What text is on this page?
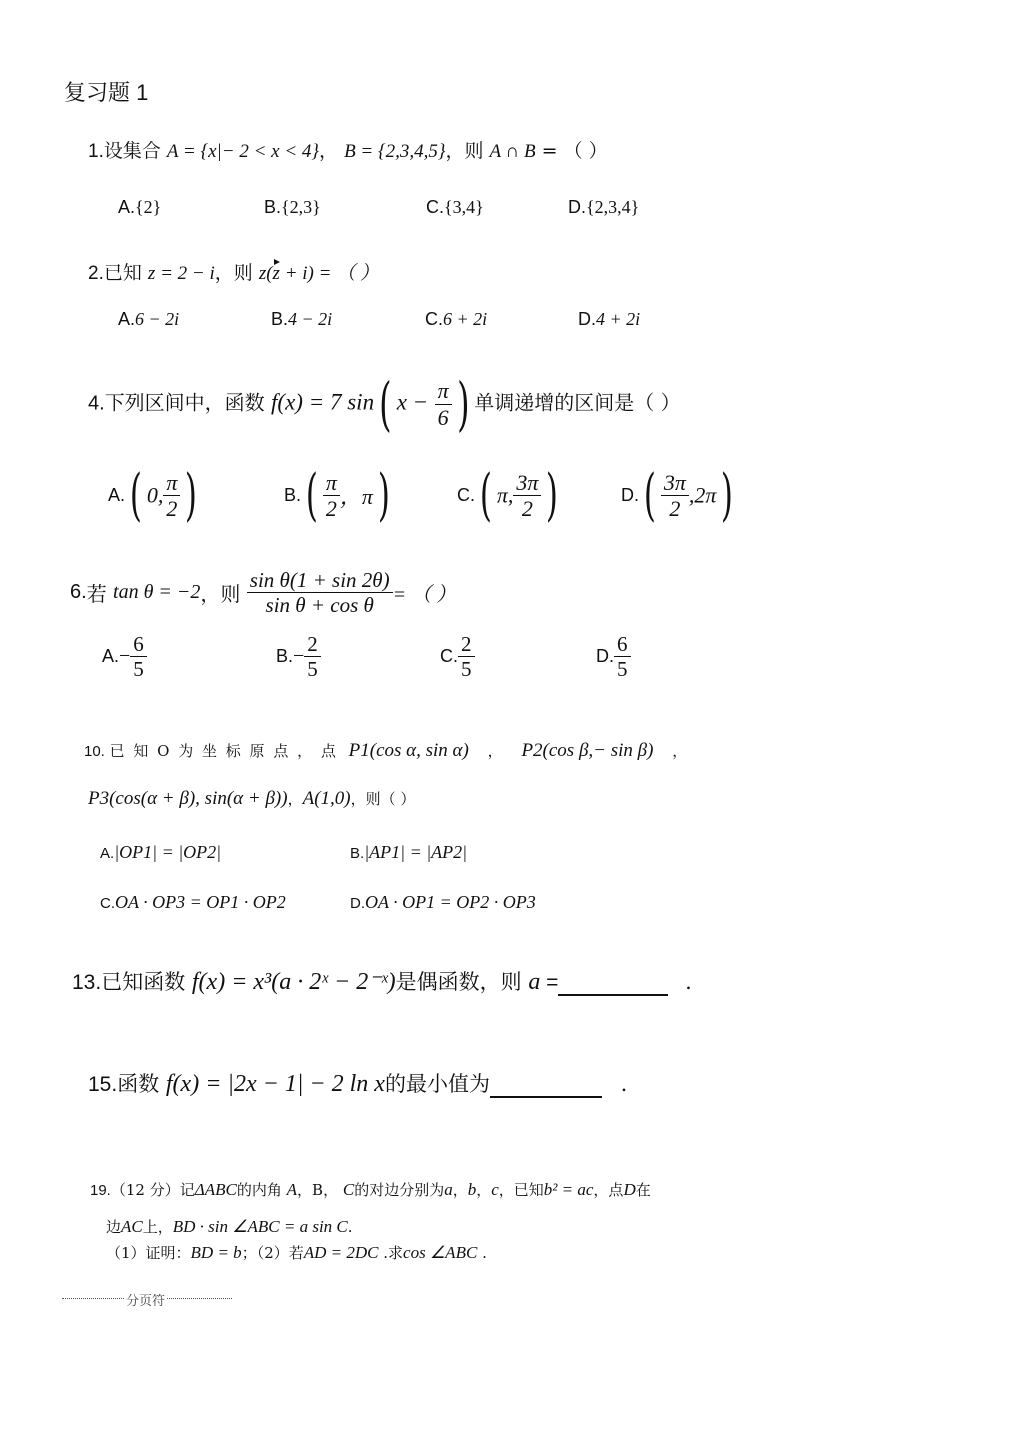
复习题 1
1.设集合 A = {x|− 2 < x < 4}， B = {2,3,4,5}，则 A ∩ B = （ ）
A.{2}	B.{2,3}	C.{3,4}	D.{2,3,4}
2.已知 z = 2 − i，则 z(z + i) = （ ）
A.6 − 2i	B.4 − 2i	C.6 + 2i	D.4 + 2i
4.下列区间中，函数 f(x) = 7 sin( $x - \frac{\pi}{6}$ ) 单调递增的区间是（ ）
A.( 0, $\frac{\pi}{2}$ )	$B.( \frac{\pi}{2}$ ，π)	C.( π, $\frac{3\pi}{2}$ )	$D.( \frac{3\pi}{2} ,2\pi)$
6.若 tan θ = −2，则 $\frac{\text{sin θ(1 + sin 2θ)}}{\text{sin θ + cos θ}}$ = （ ）
$A.- \frac{6}{5}$	$B.- \frac{2}{5}$	C. $\frac{2}{5}$	D. $\frac{6}{5}$
10. 已 知 O 为 坐 标 原 点 ， 点 P1(cos α, sin α) ， P2(cos β,− sin β) ，
P3(cos(α + β), sin(α + β))，A(1,0)，则（ ）
A.|OP1| = |OP2|	B.|AP1| = |AP2|
C.OA · OP3 = OP1 · OP2	D.OA · OP1 = OP2 · OP3
13.已知函数 f(x) = x³(a · 2ˣ − 2⁻ˣ)是偶函数，则 a =	.
15.函数 f(x) = |2x − 1| − 2 ln x的最小值为	.
19.（12 分）记ΔABC的内角 A，B， C的对边分别为a，b，c，已知b² = ac，点D在
边AC上，BD · sin ∠ABC = a sin C.
（1）证明：BD = b；（2）若AD = 2DC .求cos ∠ABC .
分页符
